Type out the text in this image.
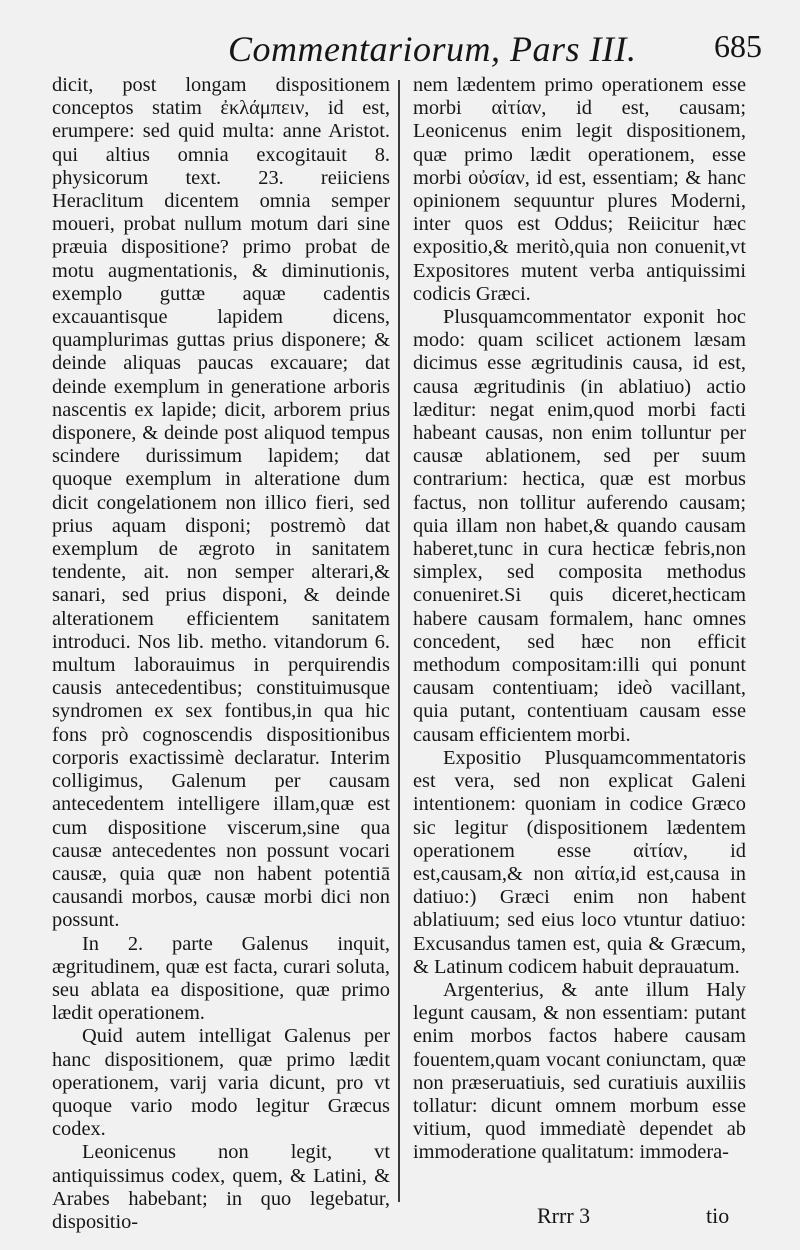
Commentariorum, Pars III. 685

dicit, post longam dispositionem conceptos statim ἐκλάμπειν, id est, erumpere: sed quid multa: anne Aristot. qui altius omnia excogitauit 8. physicorum text. 23. reiiciens Heraclitum dicentem omnia semper moueri, probat nullum motum dari sine præuia dispositione? primo probat de motu augmentationis, & diminutionis, exemplo guttæ aquæ cadentis excauantisque lapidem dicens, quamplurimas guttas prius disponere; & deinde aliquas paucas excauare; dat deinde exemplum in generatione arboris nascentis ex lapide; dicit, arborem prius disponere, & deinde post aliquod tempus scindere durissimum lapidem; dat quoque exemplum in alteratione dum dicit congelationem non illico fieri, sed prius aquam disponi; postremò dat exemplum de ægroto in sanitatem tendente, ait. non semper alterari,& sanari, sed prius disponi, & deinde alterationem efficientem sanitatem introduci. Nos lib. metho. vitandorum 6. multum laborauimus in perquirendis causis antecedentibus; constituimusque syndromen ex sex fontibus,in qua hic fons prò cognoscendis dispositionibus corporis exactissimè declaratur. Interim colligimus, Galenum per causam antecedentem intelligere illam,quæ est cum dispositione viscerum,sine qua causæ antecedentes non possunt vocari causæ, quia quæ non habent potentiā causandi morbos, causæ morbi dici non possunt.

In 2. parte Galenus inquit, ægritudinem, quæ est facta, curari soluta, seu ablata ea dispositione, quæ primo lædit operationem.

Quid autem intelligat Galenus per hanc dispositionem, quæ primo lædit operationem, varij varia dicunt, pro vt quoque vario modo legitur Græcus codex.

Leonicenus non legit, vt antiquissimus codex, quem, & Latini, & Arabes habebant; in quo legebatur, dispositio-

nem lædentem primo operationem esse morbi αἰτίαν, id est, causam; Leonicenus enim legit dispositionem, quæ primo lædit operationem, esse morbi οὐσίαν, id est, essentiam; & hanc opinionem sequuntur plures Moderni, inter quos est Oddus; Reiicitur hæc expositio,& meritò,quia non conuenit,vt Expositores mutent verba antiquissimi codicis Græci.

Plusquamcommentator exponit hoc modo: quam scilicet actionem læsam dicimus esse ægritudinis causa, id est, causa ægritudinis (in ablatiuo) actio læditur: negat enim,quod morbi facti habeant causas, non enim tolluntur per causæ ablationem, sed per suum contrarium: hectica, quæ est morbus factus, non tollitur auferendo causam; quia illam non habet,& quando causam haberet,tunc in cura hecticæ febris,non simplex, sed composita methodus conueniret.Si quis diceret,hecticam habere causam formalem, hanc omnes concedent, sed hæc non efficit methodum compositam:illi qui ponunt causam contentiuam; ideò vacillant, quia putant, contentiuam causam esse causam efficientem morbi.

Expositio Plusquamcommentatoris est vera, sed non explicat Galeni intentionem: quoniam in codice Græco sic legitur (dispositionem lædentem operationem esse αἰτίαν, id est,causam,& non αἰτία,id est,causa in datiuo:) Græci enim non habent ablatiuum; sed eius loco vtuntur datiuo: Excusandus tamen est, quia & Græcum, & Latinum codicem habuit deprauatum.

Argenterius, & ante illum Haly legunt causam, & non essentiam: putant enim morbos factos habere causam fouentem,quam vocant coniunctam, quæ non præseruatiuis, sed curatiuis auxiliis tollatur: dicunt omnem morbum esse vitium, quod immediatè dependet ab immoderatione qualitatum: immodera-

Rrrr 3	tio
